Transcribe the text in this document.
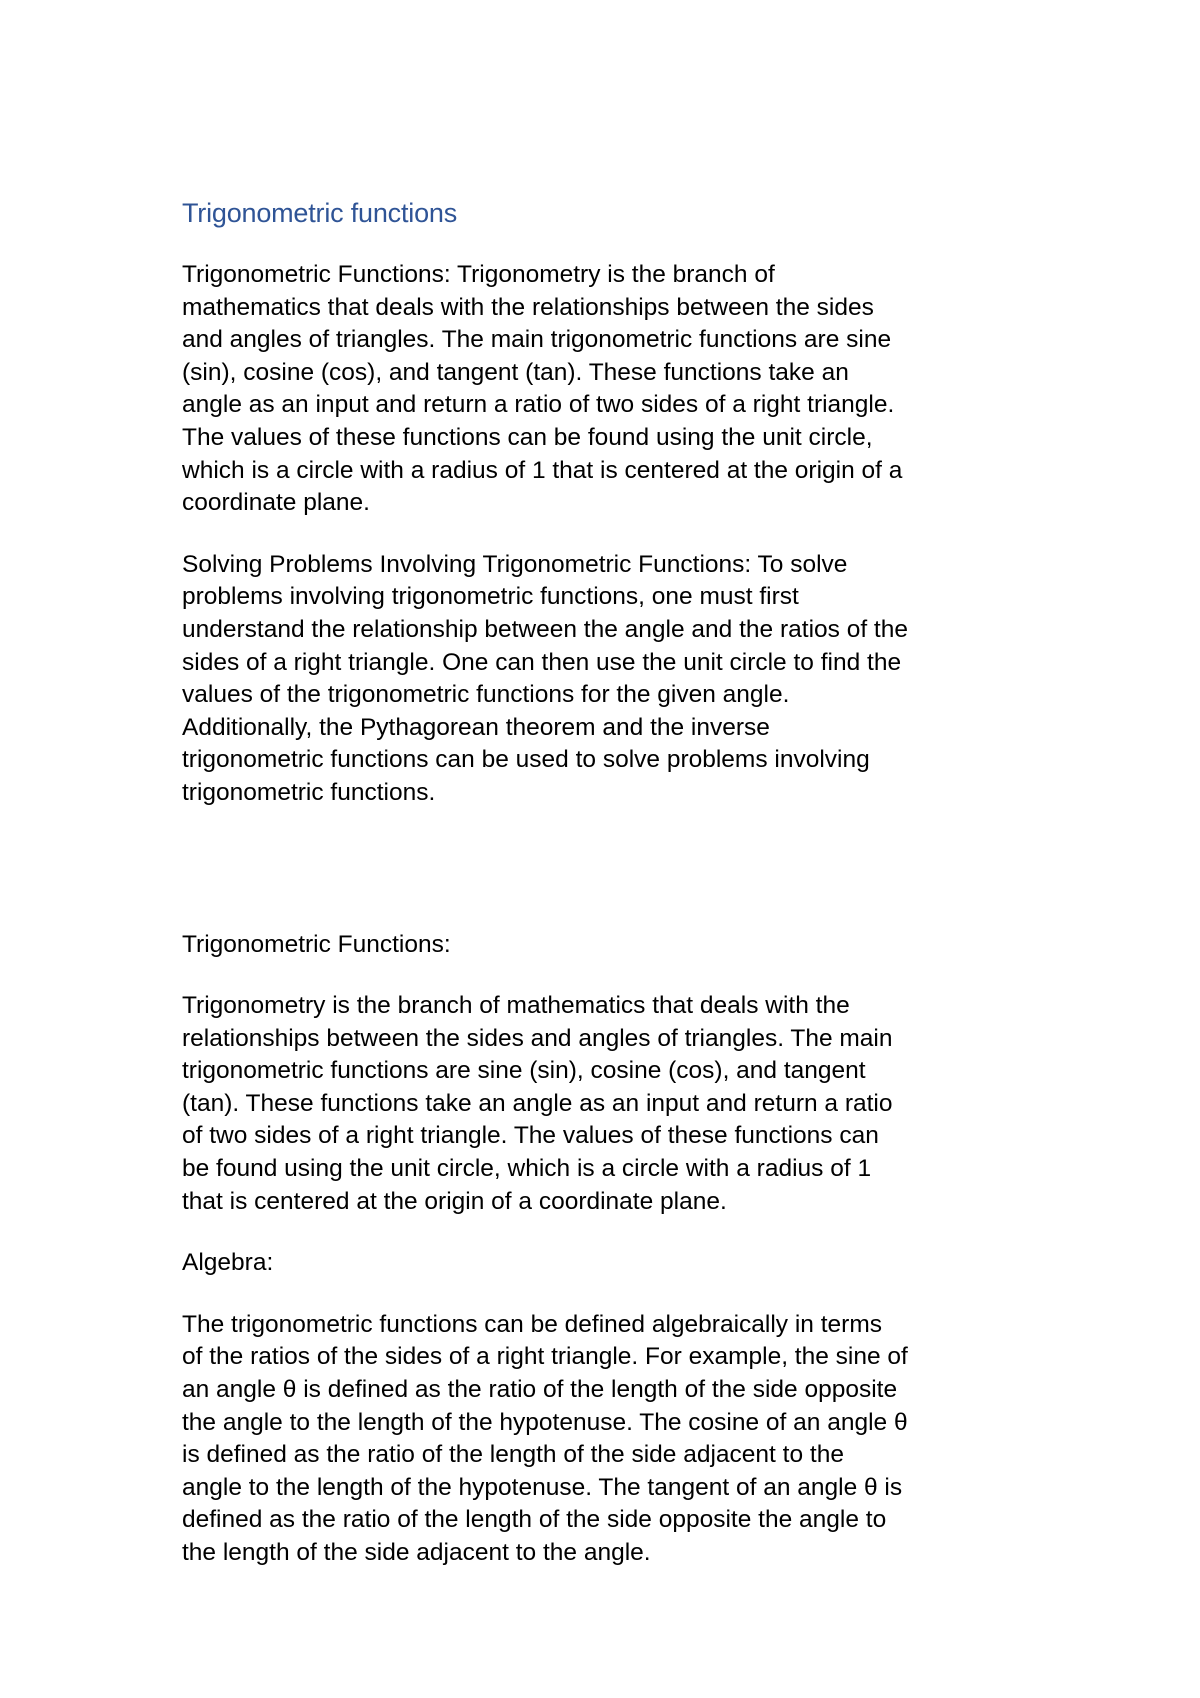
Trigonometric functions

Trigonometric Functions: Trigonometry is the branch of
mathematics that deals with the relationships between the sides
and angles of triangles. The main trigonometric functions are sine
(sin), cosine (cos), and tangent (tan). These functions take an
angle as an input and return a ratio of two sides of a right triangle.
The values of these functions can be found using the unit circle,
which is a circle with a radius of 1 that is centered at the origin of a
coordinate plane.

Solving Problems Involving Trigonometric Functions: To solve
problems involving trigonometric functions, one must first
understand the relationship between the angle and the ratios of the
sides of a right triangle. One can then use the unit circle to find the
values of the trigonometric functions for the given angle.
Additionally, the Pythagorean theorem and the inverse
trigonometric functions can be used to solve problems involving
trigonometric functions.

Trigonometric Functions:

Trigonometry is the branch of mathematics that deals with the
relationships between the sides and angles of triangles. The main
trigonometric functions are sine (sin), cosine (cos), and tangent
(tan). These functions take an angle as an input and return a ratio
of two sides of a right triangle. The values of these functions can
be found using the unit circle, which is a circle with a radius of 1
that is centered at the origin of a coordinate plane.

Algebra:

The trigonometric functions can be defined algebraically in terms
of the ratios of the sides of a right triangle. For example, the sine of
an angle θ is defined as the ratio of the length of the side opposite
the angle to the length of the hypotenuse. The cosine of an angle θ
is defined as the ratio of the length of the side adjacent to the
angle to the length of the hypotenuse. The tangent of an angle θ is
defined as the ratio of the length of the side opposite the angle to
the length of the side adjacent to the angle.
